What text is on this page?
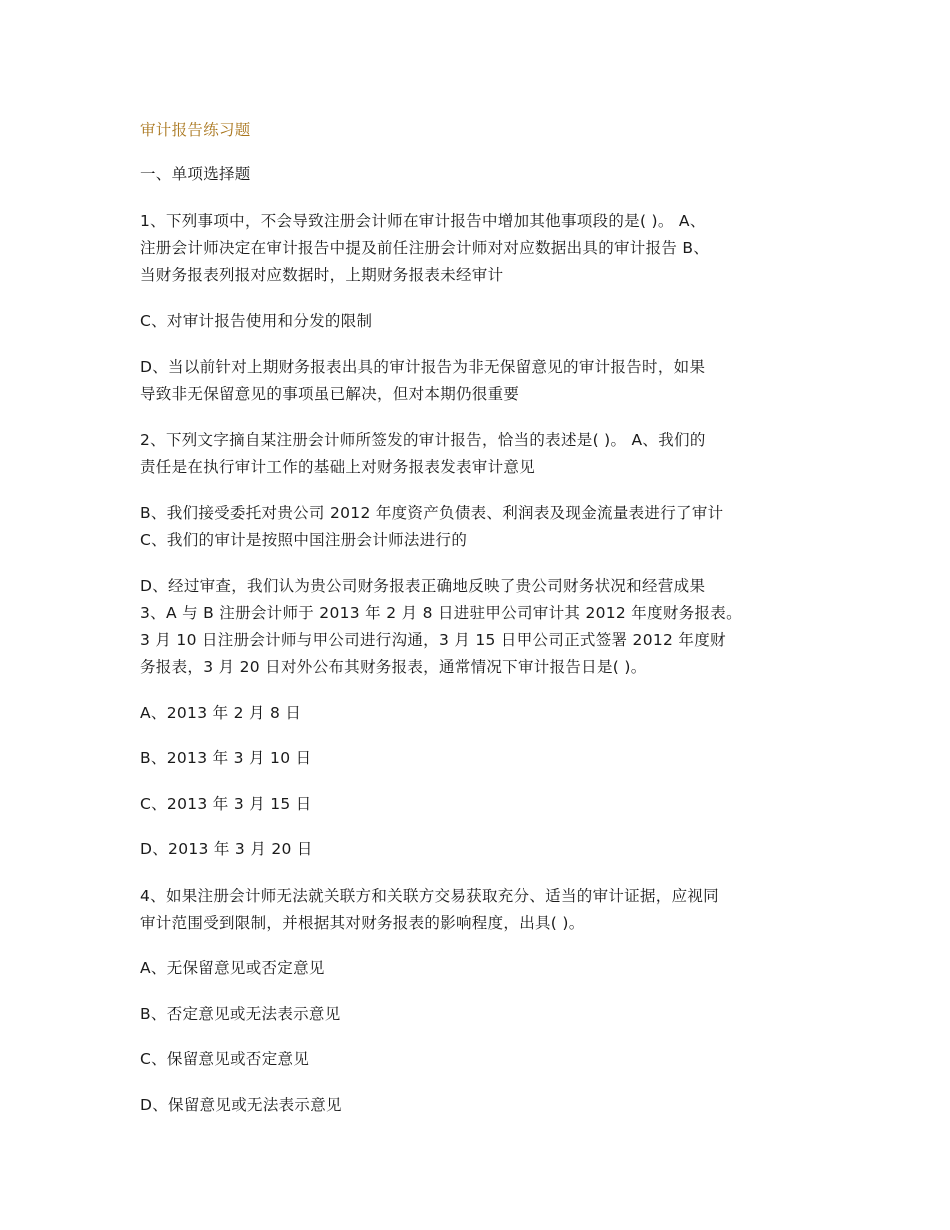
审计报告练习题
一、单项选择题
1、下列事项中，不会导致注册会计师在审计报告中增加其他事项段的是( )。 A、
注册会计师决定在审计报告中提及前任注册会计师对对应数据出具的审计报告 B、
当财务报表列报对应数据时，上期财务报表未经审计
C、对审计报告使用和分发的限制
D、当以前针对上期财务报表出具的审计报告为非无保留意见的审计报告时，如果
导致非无保留意见的事项虽已解决，但对本期仍很重要
2、下列文字摘自某注册会计师所签发的审计报告，恰当的表述是( )。 A、我们的
责任是在执行审计工作的基础上对财务报表发表审计意见
B、我们接受委托对贵公司 2012 年度资产负债表、利润表及现金流量表进行了审计
C、我们的审计是按照中国注册会计师法进行的
D、经过审查，我们认为贵公司财务报表正确地反映了贵公司财务状况和经营成果
3、A 与 B 注册会计师于 2013 年 2 月 8 日进驻甲公司审计其 2012 年度财务报表。
3 月 10 日注册会计师与甲公司进行沟通，3 月 15 日甲公司正式签署 2012 年度财
务报表，3 月 20 日对外公布其财务报表，通常情况下审计报告日是( )。
A、2013 年 2 月 8 日
B、2013 年 3 月 10 日
C、2013 年 3 月 15 日
D、2013 年 3 月 20 日
4、如果注册会计师无法就关联方和关联方交易获取充分、适当的审计证据，应视同
审计范围受到限制，并根据其对财务报表的影响程度，出具( )。
A、无保留意见或否定意见
B、否定意见或无法表示意见
C、保留意见或否定意见
D、保留意见或无法表示意见
